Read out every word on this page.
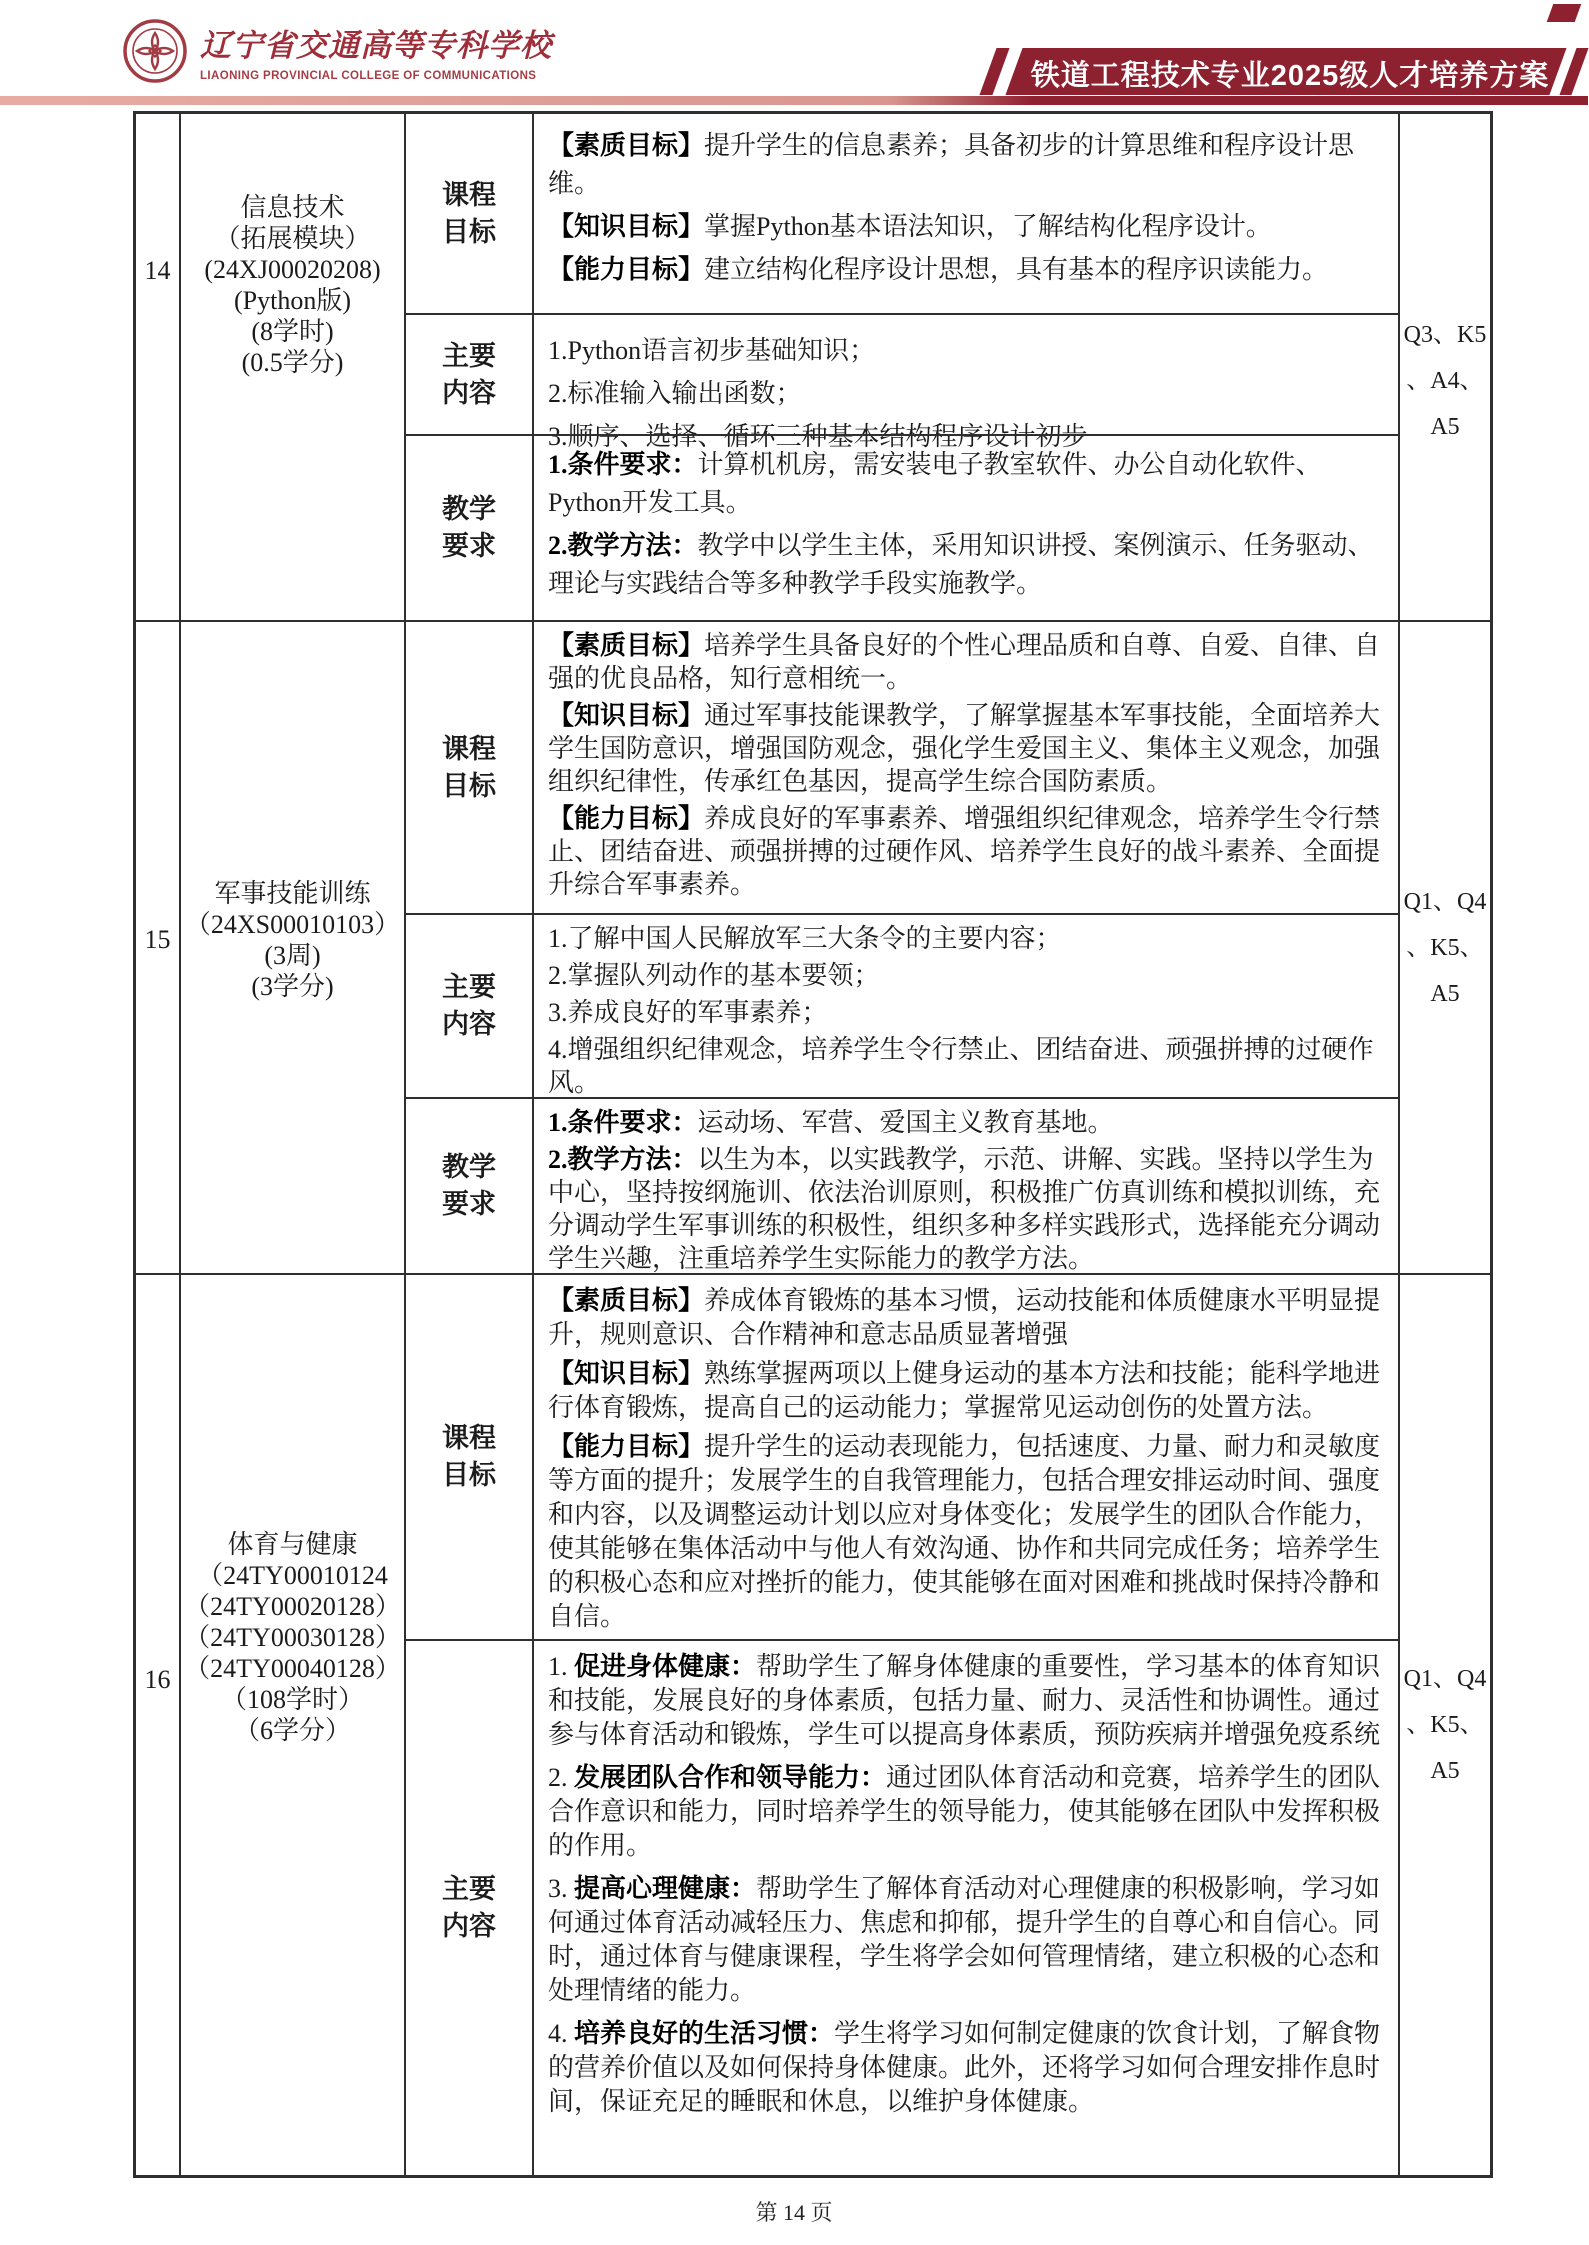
辽宁省交通高等专科学校
LIAONING PROVINCIAL COLLEGE OF COMMUNICATIONS	铁道工程技术专业2025级人才培养方案
14
信息技术
（拓展模块）
(24XJ00020208)
(Python版)
(8学时)
(0.5学分)
课程
目标
【素质目标】提升学生的信息素养；具备初步的计算思维和程序设计思维。
【知识目标】掌握Python基本语法知识，了解结构化程序设计。
【能力目标】建立结构化程序设计思想，具有基本的程序识读能力。
主要
内容
1.Python语言初步基础知识；
2.标准输入输出函数；
3.顺序、选择、循环三种基本结构程序设计初步
教学
要求
1.条件要求：计算机机房，需安装电子教室软件、办公自动化软件、Python开发工具。
2.教学方法：教学中以学生主体，采用知识讲授、案例演示、任务驱动、理论与实践结合等多种教学手段实施教学。
Q3、K5
、A4、
A5
15
军事技能训练
（24XS00010103）
(3周)
(3学分)
课程
目标
【素质目标】培养学生具备良好的个性心理品质和自尊、自爱、自律、自强的优良品格，知行意相统一。
【知识目标】通过军事技能课教学，了解掌握基本军事技能，全面培养大学生国防意识，增强国防观念，强化学生爱国主义、集体主义观念，加强组织纪律性，传承红色基因，提高学生综合国防素质。
【能力目标】养成良好的军事素养、增强组织纪律观念，培养学生令行禁止、团结奋进、顽强拼搏的过硬作风、培养学生良好的战斗素养、全面提升综合军事素养。
主要
内容
1.了解中国人民解放军三大条令的主要内容；
2.掌握队列动作的基本要领；
3.养成良好的军事素养；
4.增强组织纪律观念，培养学生令行禁止、团结奋进、顽强拼搏的过硬作风。
教学
要求
1.条件要求：运动场、军营、爱国主义教育基地。
2.教学方法：以生为本，以实践教学，示范、讲解、实践。坚持以学生为中心，坚持按纲施训、依法治训原则，积极推广仿真训练和模拟训练，充分调动学生军事训练的积极性，组织多种多样实践形式，选择能充分调动学生兴趣，注重培养学生实际能力的教学方法。
Q1、Q4
、K5、
A5
16
体育与健康
（24TY00010124
（24TY00020128）
（24TY00030128）
（24TY00040128）
（108学时）
（6学分）
课程
目标
【素质目标】养成体育锻炼的基本习惯，运动技能和体质健康水平明显提升，规则意识、合作精神和意志品质显著增强
【知识目标】熟练掌握两项以上健身运动的基本方法和技能；能科学地进行体育锻炼，提高自己的运动能力；掌握常见运动创伤的处置方法。
【能力目标】提升学生的运动表现能力，包括速度、力量、耐力和灵敏度等方面的提升；发展学生的自我管理能力，包括合理安排运动时间、强度和内容，以及调整运动计划以应对身体变化；发展学生的团队合作能力，使其能够在集体活动中与他人有效沟通、协作和共同完成任务；培养学生的积极心态和应对挫折的能力，使其能够在面对困难和挑战时保持冷静和自信。
主要
内容
1. 促进身体健康：帮助学生了解身体健康的重要性，学习基本的体育知识和技能，发展良好的身体素质，包括力量、耐力、灵活性和协调性。通过参与体育活动和锻炼，学生可以提高身体素质，预防疾病并增强免疫系统
2. 发展团队合作和领导能力：通过团队体育活动和竞赛，培养学生的团队合作意识和能力，同时培养学生的领导能力，使其能够在团队中发挥积极的作用。
3. 提高心理健康：帮助学生了解体育活动对心理健康的积极影响，学习如何通过体育活动减轻压力、焦虑和抑郁，提升学生的自尊心和自信心。同时，通过体育与健康课程，学生将学会如何管理情绪，建立积极的心态和处理情绪的能力。
4. 培养良好的生活习惯：学生将学习如何制定健康的饮食计划，了解食物的营养价值以及如何保持身体健康。此外，还将学习如何合理安排作息时间，保证充足的睡眠和休息，以维护身体健康。
Q1、Q4
、K5、
A5
第 14 页
